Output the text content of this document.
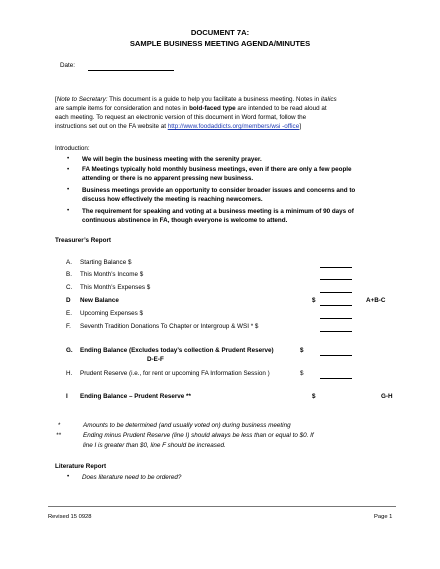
DOCUMENT 7A:
SAMPLE BUSINESS MEETING AGENDA/MINUTES
Date:
[Note to Secretary: This document is a guide to help you facilitate a business meeting. Notes in italics
are sample items for consideration and notes in bold-faced type are intended to be read aloud at
each meeting. To request an electronic version of this document in Word format, follow the
instructions set out on the FA website at http://www.foodaddicts.org/members/wsi -office]
Introduction:
• We will begin the business meeting with the serenity prayer.
• FA Meetings typically hold monthly business meetings, even if there are only a few people
attending or there is no apparent pressing new business.
• Business meetings provide an opportunity to consider broader issues and concerns and to
discuss how effectively the meeting is reaching newcomers.
• The requirement for speaking and voting at a business meeting is a minimum of 90 days of
continuous abstinence in FA, though everyone is welcome to attend.
Treasurer’s Report
A. Starting Balance $
B. This Month’s Income $
C. This Month’s Expenses $
D New Balance	$	A+B-C
E. Upcoming Expenses $
F. Seventh Tradition Donations To Chapter or Intergroup & WSI * $
G. Ending Balance (Excludes today’s collection & Prudent Reserve)	$
D-E-F
H. Prudent Reserve (i.e., for rent or upcoming FA Information Session )	$
I Ending Balance – Prudent Reserve **	$	G-H
*	Amounts to be determined (and usually voted on) during business meeting
**	Ending minus Prudent Reserve (line I) should always be less than or equal to $0. If
line I is greater than $0, line F should be increased.
Literature Report
• Does literature need to be ordered?
Revised 15 0928	Page 1
